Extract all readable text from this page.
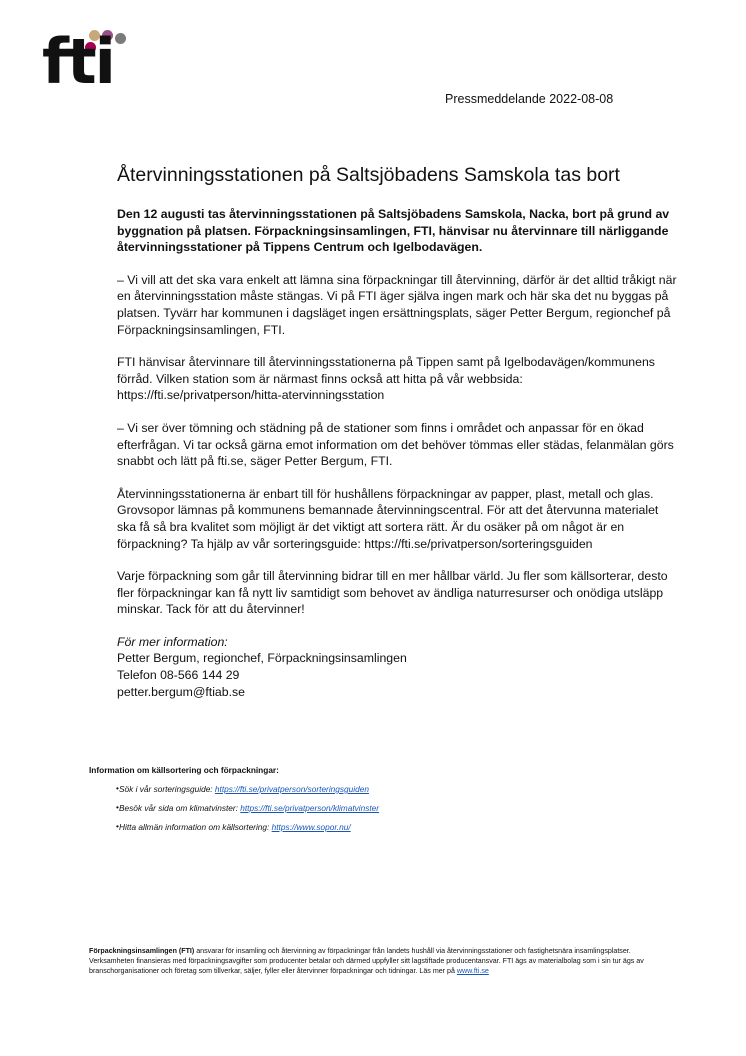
fti
Pressmeddelande 2022-08-08
Återvinningsstationen på Saltsjöbadens Samskola tas bort

Den 12 augusti tas återvinningsstationen på Saltsjöbadens Samskola, Nacka, bort på grund av byggnation på platsen. Förpackningsinsamlingen, FTI, hänvisar nu återvinnare till närliggande återvinningsstationer på Tippens Centrum och Igelbodavägen.

– Vi vill att det ska vara enkelt att lämna sina förpackningar till återvinning, därför är det alltid tråkigt när en återvinningsstation måste stängas. Vi på FTI äger själva ingen mark och här ska det nu byggas på platsen. Tyvärr har kommunen i dagsläget ingen ersättningsplats, säger Petter Bergum, regionchef på Förpackningsinsamlingen, FTI.

FTI hänvisar återvinnare till återvinningsstationerna på Tippen samt på Igelbodavägen/kommunens förråd. Vilken station som är närmast finns också att hitta på vår webbsida: https://fti.se/privatperson/hitta-atervinningsstation

– Vi ser över tömning och städning på de stationer som finns i området och anpassar för en ökad efterfrågan. Vi tar också gärna emot information om det behöver tömmas eller städas, felanmälan görs snabbt och lätt på fti.se, säger Petter Bergum, FTI.

Återvinningsstationerna är enbart till för hushållens förpackningar av papper, plast, metall och glas. Grovsopor lämnas på kommunens bemannade återvinningscentral. För att det återvunna materialet ska få så bra kvalitet som möjligt är det viktigt att sortera rätt. Är du osäker på om något är en förpackning? Ta hjälp av vår sorteringsguide: https://fti.se/privatperson/sorteringsguiden

Varje förpackning som går till återvinning bidrar till en mer hållbar värld. Ju fler som källsorterar, desto fler förpackningar kan få nytt liv samtidigt som behovet av ändliga naturresurser och onödiga utsläpp minskar. Tack för att du återvinner!

För mer information:
Petter Bergum, regionchef, Förpackningsinsamlingen
Telefon 08-566 144 29
petter.bergum@ftiab.se
Information om källsortering och förpackningar:
• Sök i vår sorteringsguide: https://fti.se/privatperson/sorteringsguiden
• Besök vår sida om klimatvinster: https://fti.se/privatperson/klimatvinster
• Hitta allmän information om källsortering: https://www.sopor.nu/
Förpackningsinsamlingen (FTI) ansvarar för insamling och återvinning av förpackningar från landets hushåll via återvinningsstationer och fastighetsnära insamlingsplatser. Verksamheten finansieras med förpackningsavgifter som producenter betalar och därmed uppfyller sitt lagstiftade producentansvar. FTI ägs av materialbolag som i sin tur ägs av branschorganisationer och företag som tillverkar, säljer, fyller eller återvinner förpackningar och tidningar. Läs mer på www.fti.se
